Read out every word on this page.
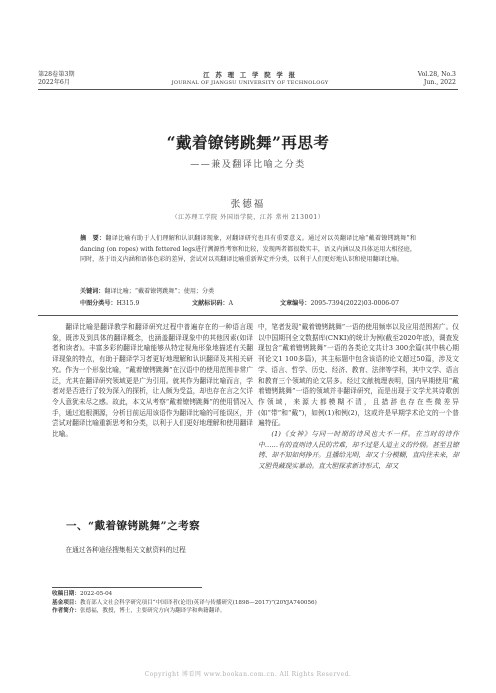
第28卷第3期
2022年6月
江 苏 理 工 学 院 学 报
JOURNAL OF JIANGSU UNIVERSITY OF TECHNOLOGY
Vol.28, No.3
Jun., 2022
“戴着镣铐跳舞”再思考
——兼及翻译比喻之分类
张德福
（江苏理工学院 外国语学院，江苏 常州 213001）
摘　要：翻译比喻有助于人们理解和认识翻译现象，对翻译研究也具有重要意义。通过对以英翻译比喻“戴着镣铐跳舞”和dancing (on ropes) with fettered legs进行溯源性考察和比较，发现两者都很数实丰，语义内涵以及具体运用大相径庭，同时，基于语义内涵和语体色彩的差异，尝试对以英翻译比喻重新界定并分类，以利于人们更好地认识和使用翻译比喻。
关键词：翻译比喻；“戴着镣铐跳舞”；使用；分类
中图分类号：H315.9	文献标识码：A	文章编号：2095-7394(2022)03-0006-07

翻译比喻是翻译教学和翻译研究过程中普遍存在的一种语言现象，既涉及到具体的翻译概念，也涵盖翻译现象中的其他因素(如译者和读者)。丰富多彩的翻译比喻能够从特定视角形象地描述有关翻译现象的特点，有助于翻译学习者更好地理解和认识翻译及其相关研究。作为一个形象比喻，“戴着镣铐跳舞”在汉语中的使用范围非常广泛，尤其在翻译研究领域更是广为引用。就其作为翻译比喻而言，学者对是否进行了较为深入的探析，让人颇为受益，却也存在言之欠详令人意犹未尽之感。故此，本文从考察“戴着镣铐跳舞”的使用情况入手，通过追根溯源，分析目前运用该语作为翻译比喻的可能误区，并尝试对翻译比喻重新思考和分类，以利于人们更好地理解和使用翻译比喻。

一、“戴着镣铐跳舞”之考察
在通过各种途径搜集相关文献资料的过程

中，笔者发现“戴着镣铐跳舞”一语的使用频率以及应用范围甚广。仅以中国期刊全文数据库(CNKI)的统计为例(截至2020年底)，调查发现包含“戴着镣铐跳舞”一语的各类论文共计3 300余篇(其中核心期刊论文1 100多篇)，其主标题中包含该语的论文超过50篇，涉及文学、语言、哲学、历史、经济、教育、法律等学科，其中文学、语言和教育三个领域的论文居多。经过文献梳理表明，国内早期使用“戴着镣铐跳舞”一语的领域并非翻译研究，而是出现于文学尤其诗歌创作领域，来源大都模糊不清，且措辞也存在些微差异(如“带”和“戴”)，如例(1)和例(2)，这或许是早期学术论文的一个普遍特征。

(1)《女神》与同一时期的诗风也大不一样。在当时的诗作中……有的直则诗人民的苦难，却不过是人道主义的怜悯。甚至且镣铐、却不知如何挣开。且播给光明，却又十分模糊，直向往未来，却又胆畏藏现实暴动。直大胆探求新诗形式，却又

收稿日期：2022-05-04
基金项目：教育部人文社会科学研究项目“中国译者(论语)英译与传播研究(1898—2017)”(20YJA740056)
作者简介：张德福，教授，博士，主要研究方向为翻译学和典籍翻译。
Copyright 博看网 www.bookan.com.cn. All Rights Reserved.
